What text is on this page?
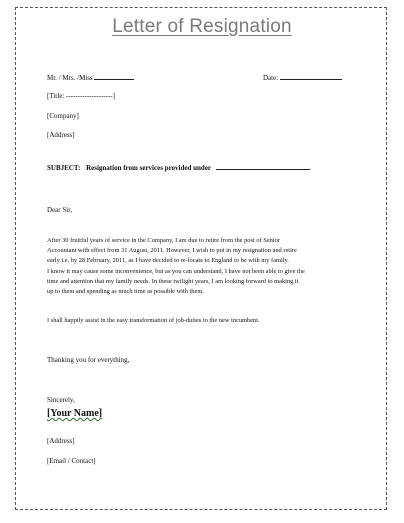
Letter of Resignation
Mr. / Mrs. /Miss	Date:
[Title: --------------------]
[Company]
[Address]
SUBJECT: Resignation from services provided under	.
Dear Sir,
After 30 fruitful years of service in the Company, I am due to retire from the post of Senior
Accountant with effect from 31 August, 2011. However, I wish to put in my resignation and retire
early i.e. by 28 February, 2011, as I have decided to re-locate to England to be with my family.
I know it may cause some inconvenience, but as you can understand, I have not been able to give the
time and attention that my family needs. In these twilight years, I am looking forward to making it
up to them and spending as much time as possible with them.
I shall happily assist in the easy transformation of job-duties to the new incumbent.
Thanking you for everything,
Sincerely,
[Your Name]
[Address]
[Email / Contact]
